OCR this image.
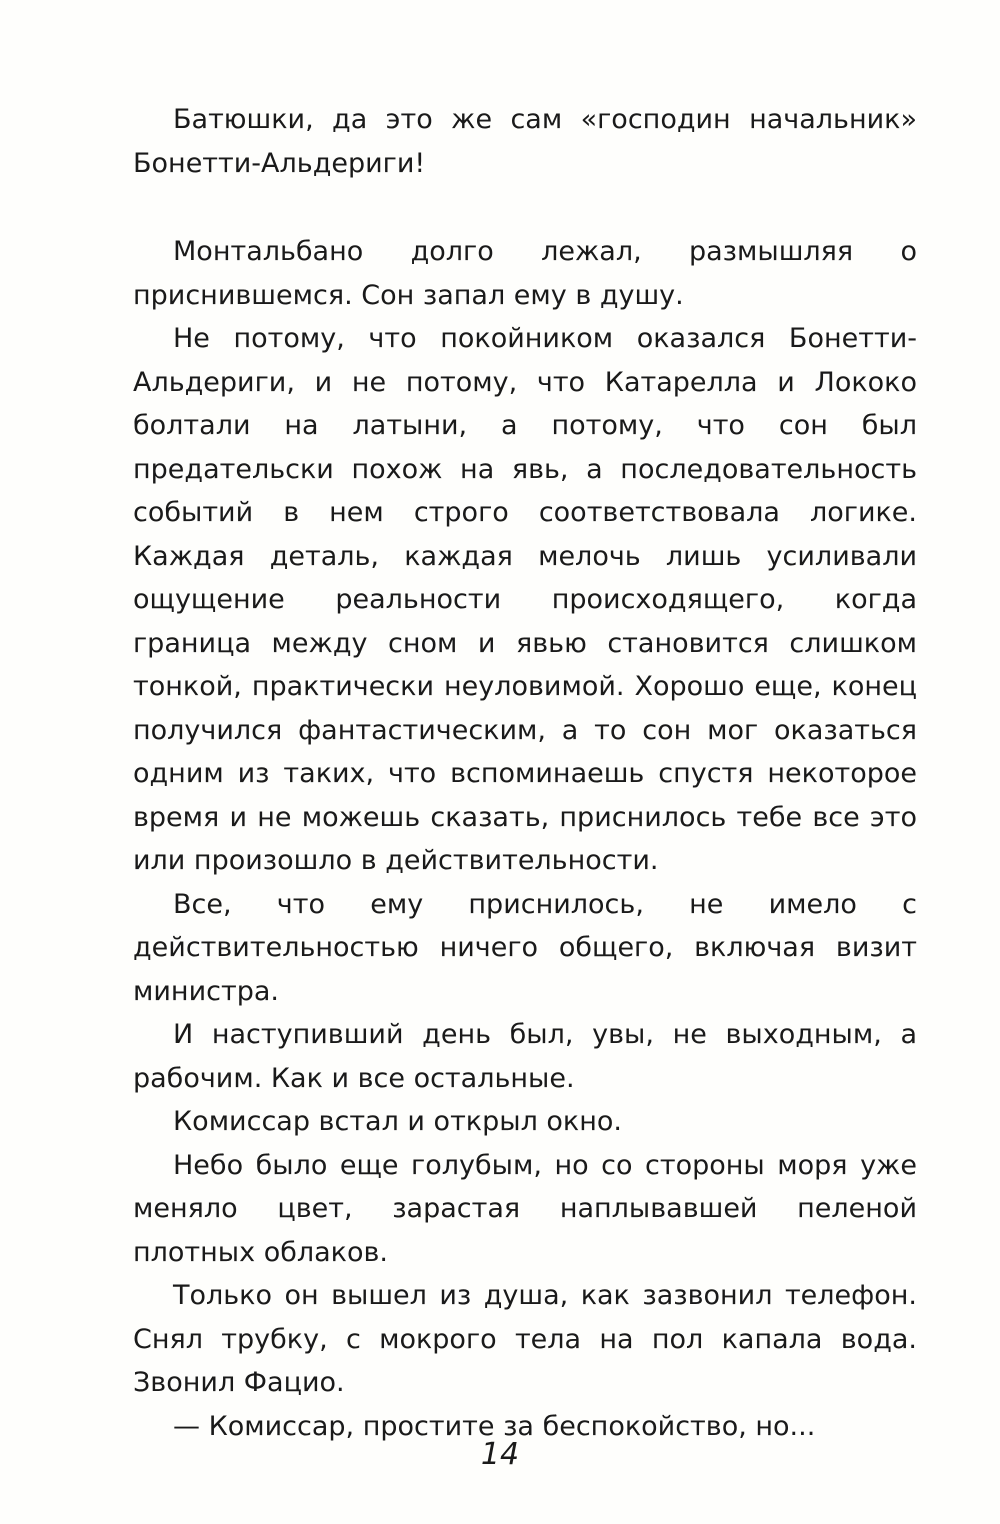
Батюшки, да это же сам «господин начальник» Бонетти-Альдериги!

Монтальбано долго лежал, размышляя о приснившемся. Сон запал ему в душу.

Не потому, что покойником оказался Бонетти-Альдериги, и не потому, что Катарелла и Лококо болтали на латыни, а потому, что сон был предательски похож на явь, а последовательность событий в нем строго соответствовала логике. Каждая деталь, каждая мелочь лишь усиливали ощущение реальности происходящего, когда граница между сном и явью становится слишком тонкой, практически неуловимой. Хорошо еще, конец получился фантастическим, а то сон мог оказаться одним из таких, что вспоминаешь спустя некоторое время и не можешь сказать, приснилось тебе все это или произошло в действительности.

Все, что ему приснилось, не имело с действительностью ничего общего, включая визит министра.

И наступивший день был, увы, не выходным, а рабочим. Как и все остальные.

Комиссар встал и открыл окно.

Небо было еще голубым, но со стороны моря уже меняло цвет, зарастая наплывавшей пеленой плотных облаков.

Только он вышел из душа, как зазвонил телефон. Снял трубку, с мокрого тела на пол капала вода. Звонил Фацио.

— Комиссар, простите за беспокойство, но...

14
